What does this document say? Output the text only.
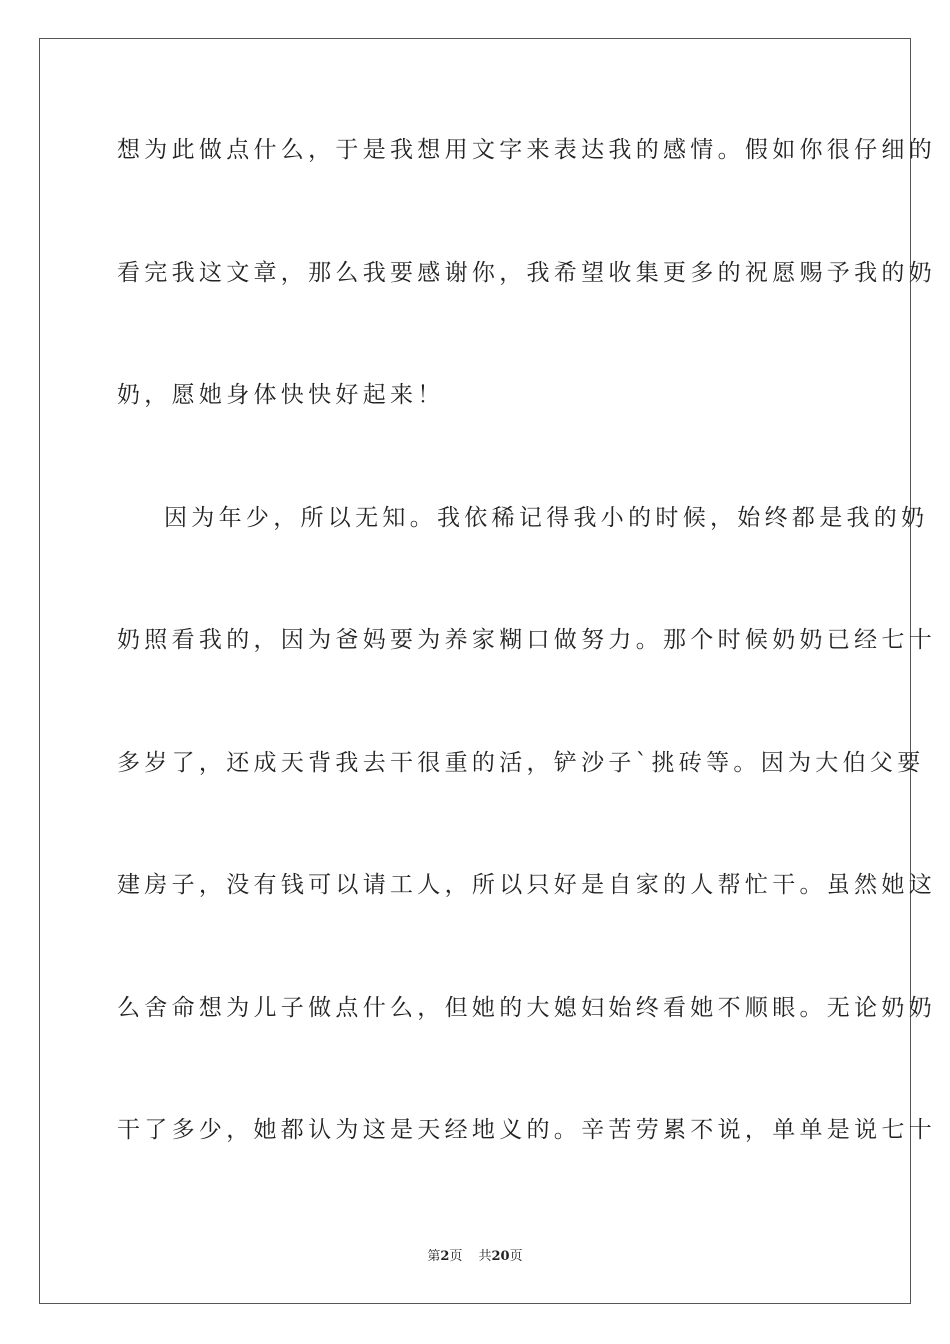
想为此做点什么，于是我想用文字来表达我的感情。假如你很仔细的
看完我这文章，那么我要感谢你，我希望收集更多的祝愿赐予我的奶
奶，愿她身体快快好起来！
因为年少，所以无知。我依稀记得我小的时候，始终都是我的奶
奶照看我的，因为爸妈要为养家糊口做努力。那个时候奶奶已经七十
多岁了，还成天背我去干很重的活，铲沙子`挑砖等。因为大伯父要
建房子，没有钱可以请工人，所以只好是自家的人帮忙干。虽然她这
么舍命想为儿子做点什么，但她的大媳妇始终看她不顺眼。无论奶奶
干了多少，她都认为这是天经地义的。辛苦劳累不说，单单是说七十
第2页 共20页
